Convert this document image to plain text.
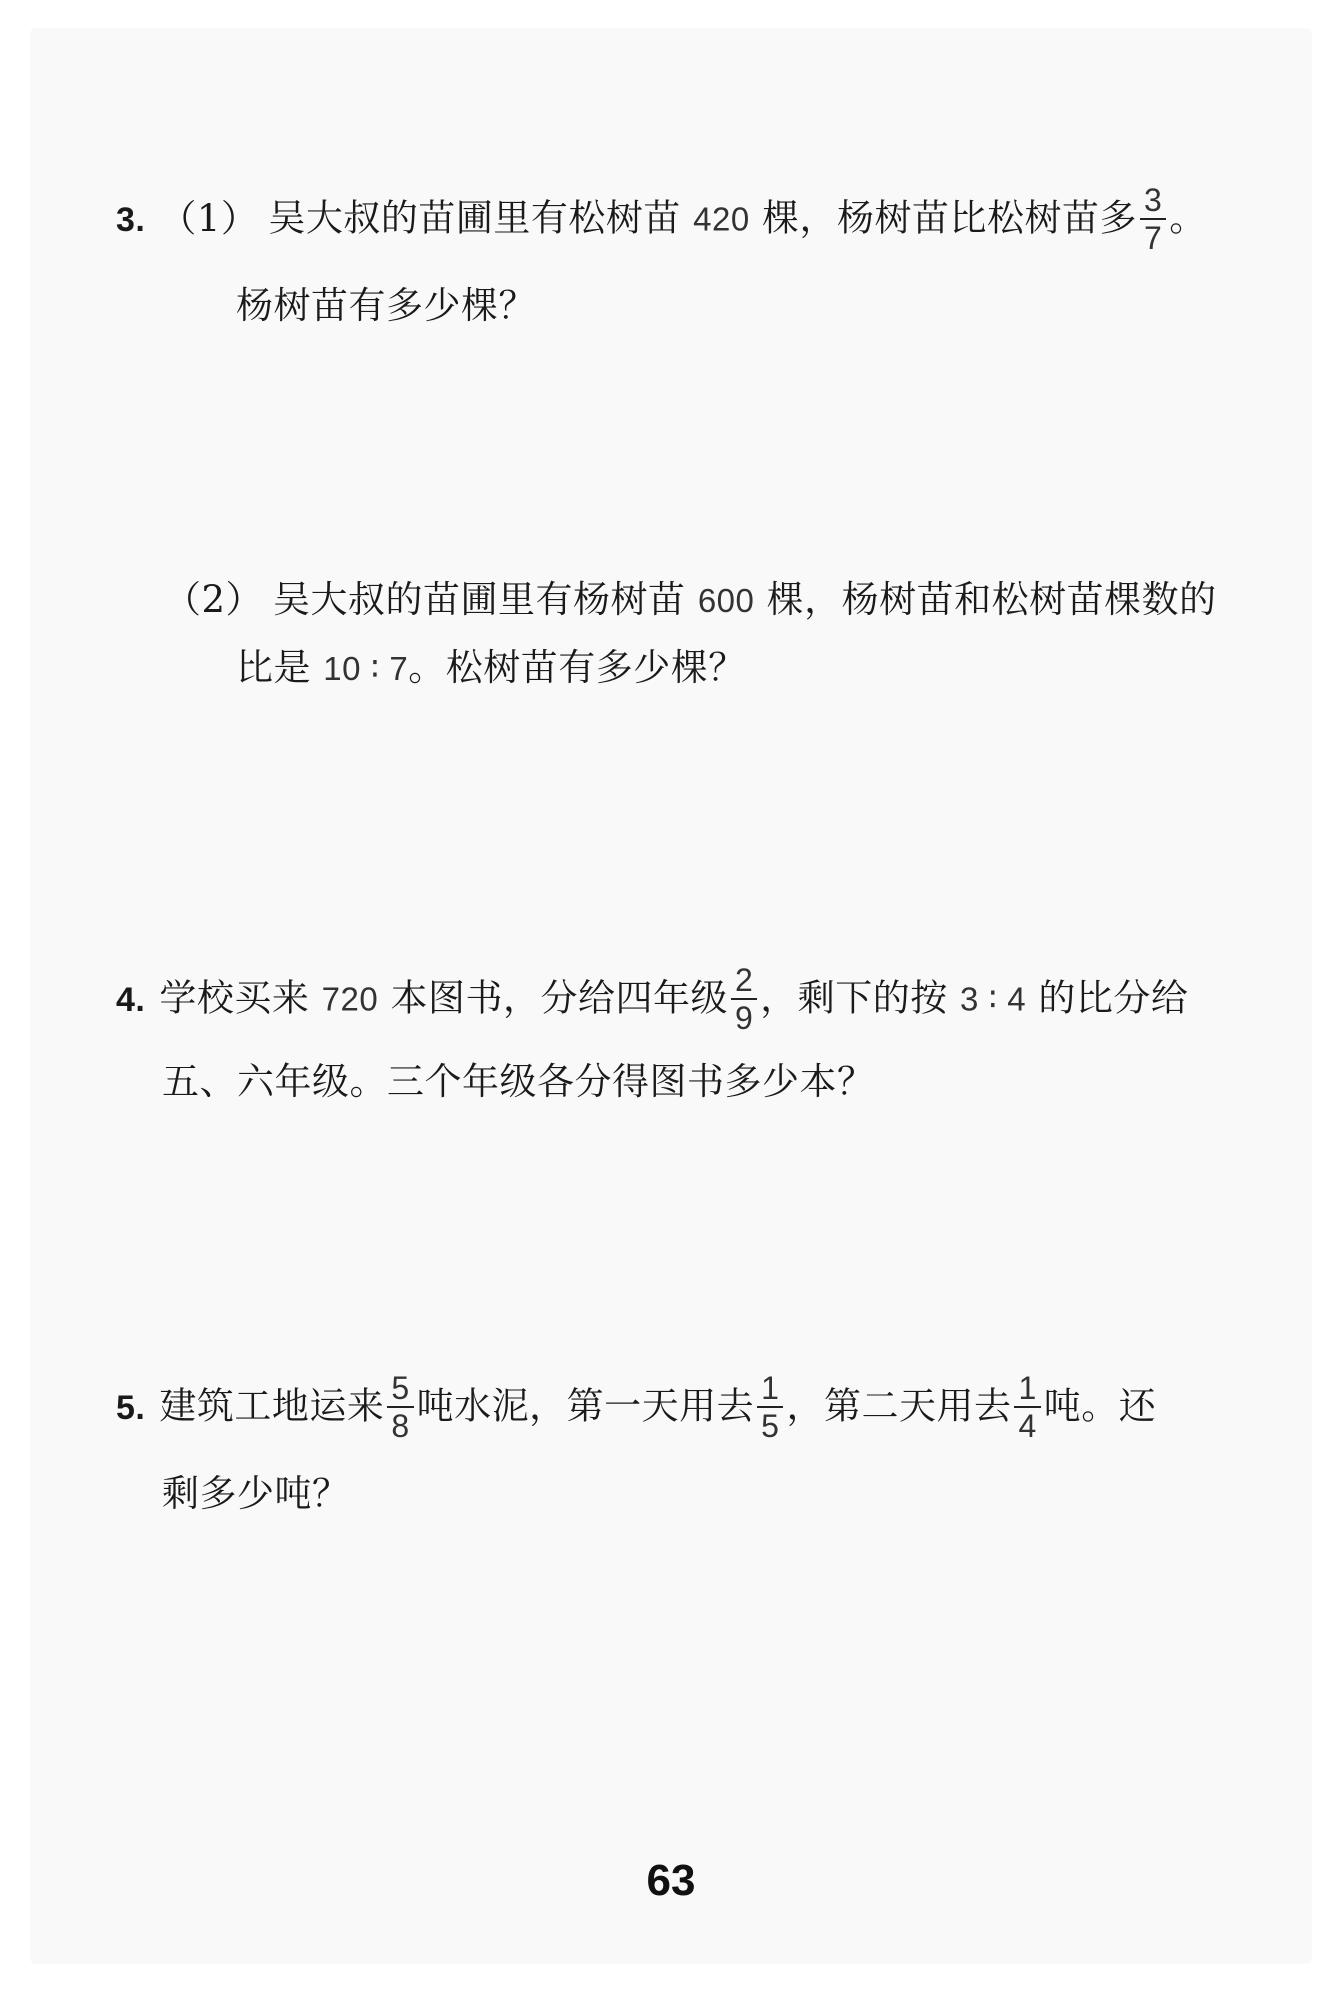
3. （1） 吴大叔的苗圃里有松树苗 420 棵，杨树苗比松树苗多 $\frac{3}{7}$ 。
杨树苗有多少棵？
（2） 吴大叔的苗圃里有杨树苗 600 棵，杨树苗和松树苗棵数的
比是 10 ∶ 7。松树苗有多少棵？
4. 学校买来 720 本图书，分给四年级 $\frac{2}{9}$ ，剩下的按 3 ∶ 4 的比分给
五、六年级。三个年级各分得图书多少本？
5. 建筑工地运来 $\frac{5}{8}$ 吨水泥，第一天用去 $\frac{1}{5}$ ，第二天用去 $\frac{1}{4}$ 吨。还
剩多少吨？
63
